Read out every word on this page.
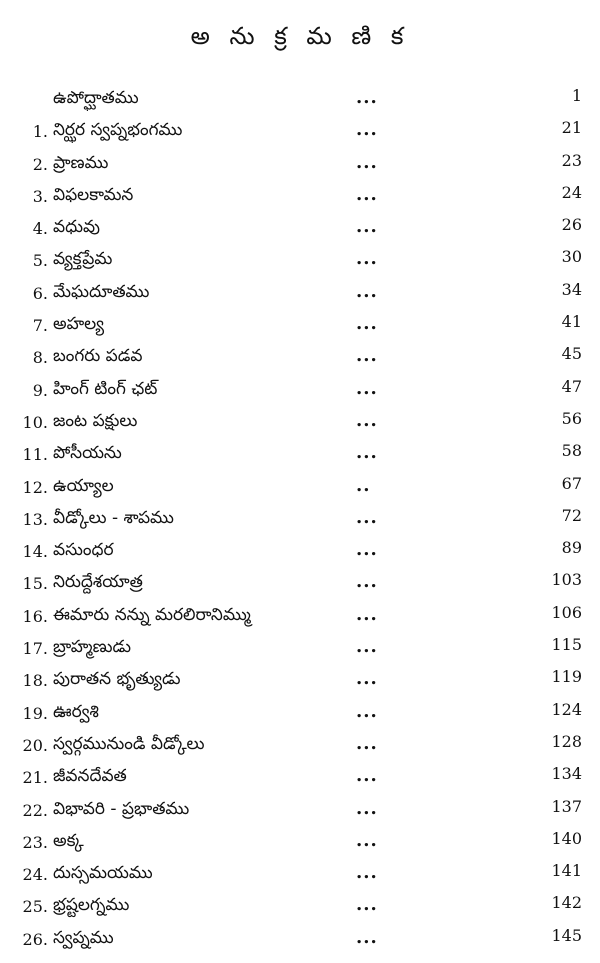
అ ను క్ర మ ణి క
ఉపోద్ఘాతము	...	1
1. నిర్ఝర స్వప్నభంగము	...	21
2. ప్రాణము	...	23
3. విఫలకామన	...	24
4. వధువు	...	26
5. వ్యక్తప్రేమ	...	30
6. మేఘదూతము	...	34
7. అహల్య	...	41
8. బంగరు పడవ	...	45
9. హింగ్ టింగ్ ఛట్	...	47
10. జంట పక్షులు	...	56
11. పోసీయను	...	58
12. ఉయ్యాల	..	67
13. వీడ్కోలు - శాపము	...	72
14. వసుంధర	...	89
15. నిరుద్దేశయాత్ర	...	103
16. ఈమారు నన్ను మరలిరానిమ్ము	...	106
17. బ్రాహ్మణుడు	...	115
18. పురాతన భృత్యుడు	...	119
19. ఊర్వశి	...	124
20. స్వర్గమునుండి వీడ్కోలు	...	128
21. జీవనదేవత	...	134
22. విభావరి - ప్రభాతము	...	137
23. అక్క	...	140
24. దుస్సమయము	...	141
25. భ్రష్టలగ్నము	...	142
26. స్వప్నము	...	145
